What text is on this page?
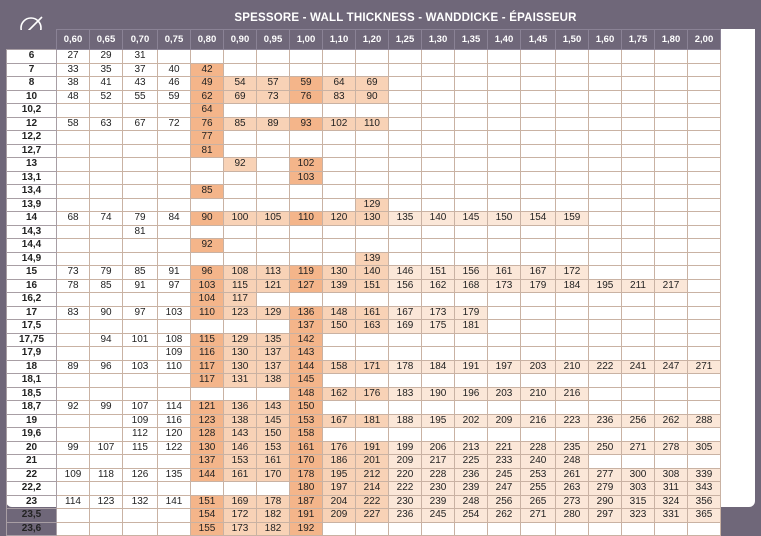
SPESSORE - WALL THICKNESS - WANDDICKE - ÉPAISSEUR
	0,60	0,65	0,70	0,75	0,80	0,90	0,95	1,00	1,10	1,20	1,25	1,30	1,35	1,40	1,45	1,50	1,60	1,75	1,80	2,00
6	27	29	31																	
7	33	35	37	40	42															
8	38	41	43	46	49	54	57	59	64	69										
10	48	52	55	59	62	69	73	76	83	90										
10,2					64															
12	58	63	67	72	76	85	89	93	102	110										
12,2					77															
12,7					81															
13						92		102												
13,1								103												
13,4					85															
13,9										129										
14	68	74	79	84	90	100	105	110	120	130	135	140	145	150	154	159				
14,3			81																	
14,4					92															
14,9										139										
15	73	79	85	91	96	108	113	119	130	140	146	151	156	161	167	172				
16	78	85	91	97	103	115	121	127	139	151	156	162	168	173	179	184	195	211	217	
16,2					104	117														
17	83	90	97	103	110	123	129	136	148	161	167	173	179							
17,5								137	150	163	169	175	181							
17,75		94	101	108	115	129	135	142												
17,9				109	116	130	137	143												
18	89	96	103	110	117	130	137	144	158	171	178	184	191	197	203	210	222	241	247	271
18,1					117	131	138	145												
18,5								148	162	176	183	190	196	203	210	216				
18,7	92	99	107	114	121	136	143	150												
19			109	116	123	138	145	153	167	181	188	195	202	209	216	223	236	256	262	288
19,6			112	120	128	143	150	158												
20	99	107	115	122	130	146	153	161	176	191	199	206	213	221	228	235	250	271	278	305
21					137	153	161	170	186	201	209	217	225	233	240	248				
22	109	118	126	135	144	161	170	178	195	212	220	228	236	245	253	261	277	300	308	339
22,2								180	197	214	222	230	239	247	255	263	279	303	311	343
23	114	123	132	141	151	169	178	187	204	222	230	239	248	256	265	273	290	315	324	356
23,5					154	172	182	191	209	227	236	245	254	262	271	280	297	323	331	365
23,6					155	173	182	192												
